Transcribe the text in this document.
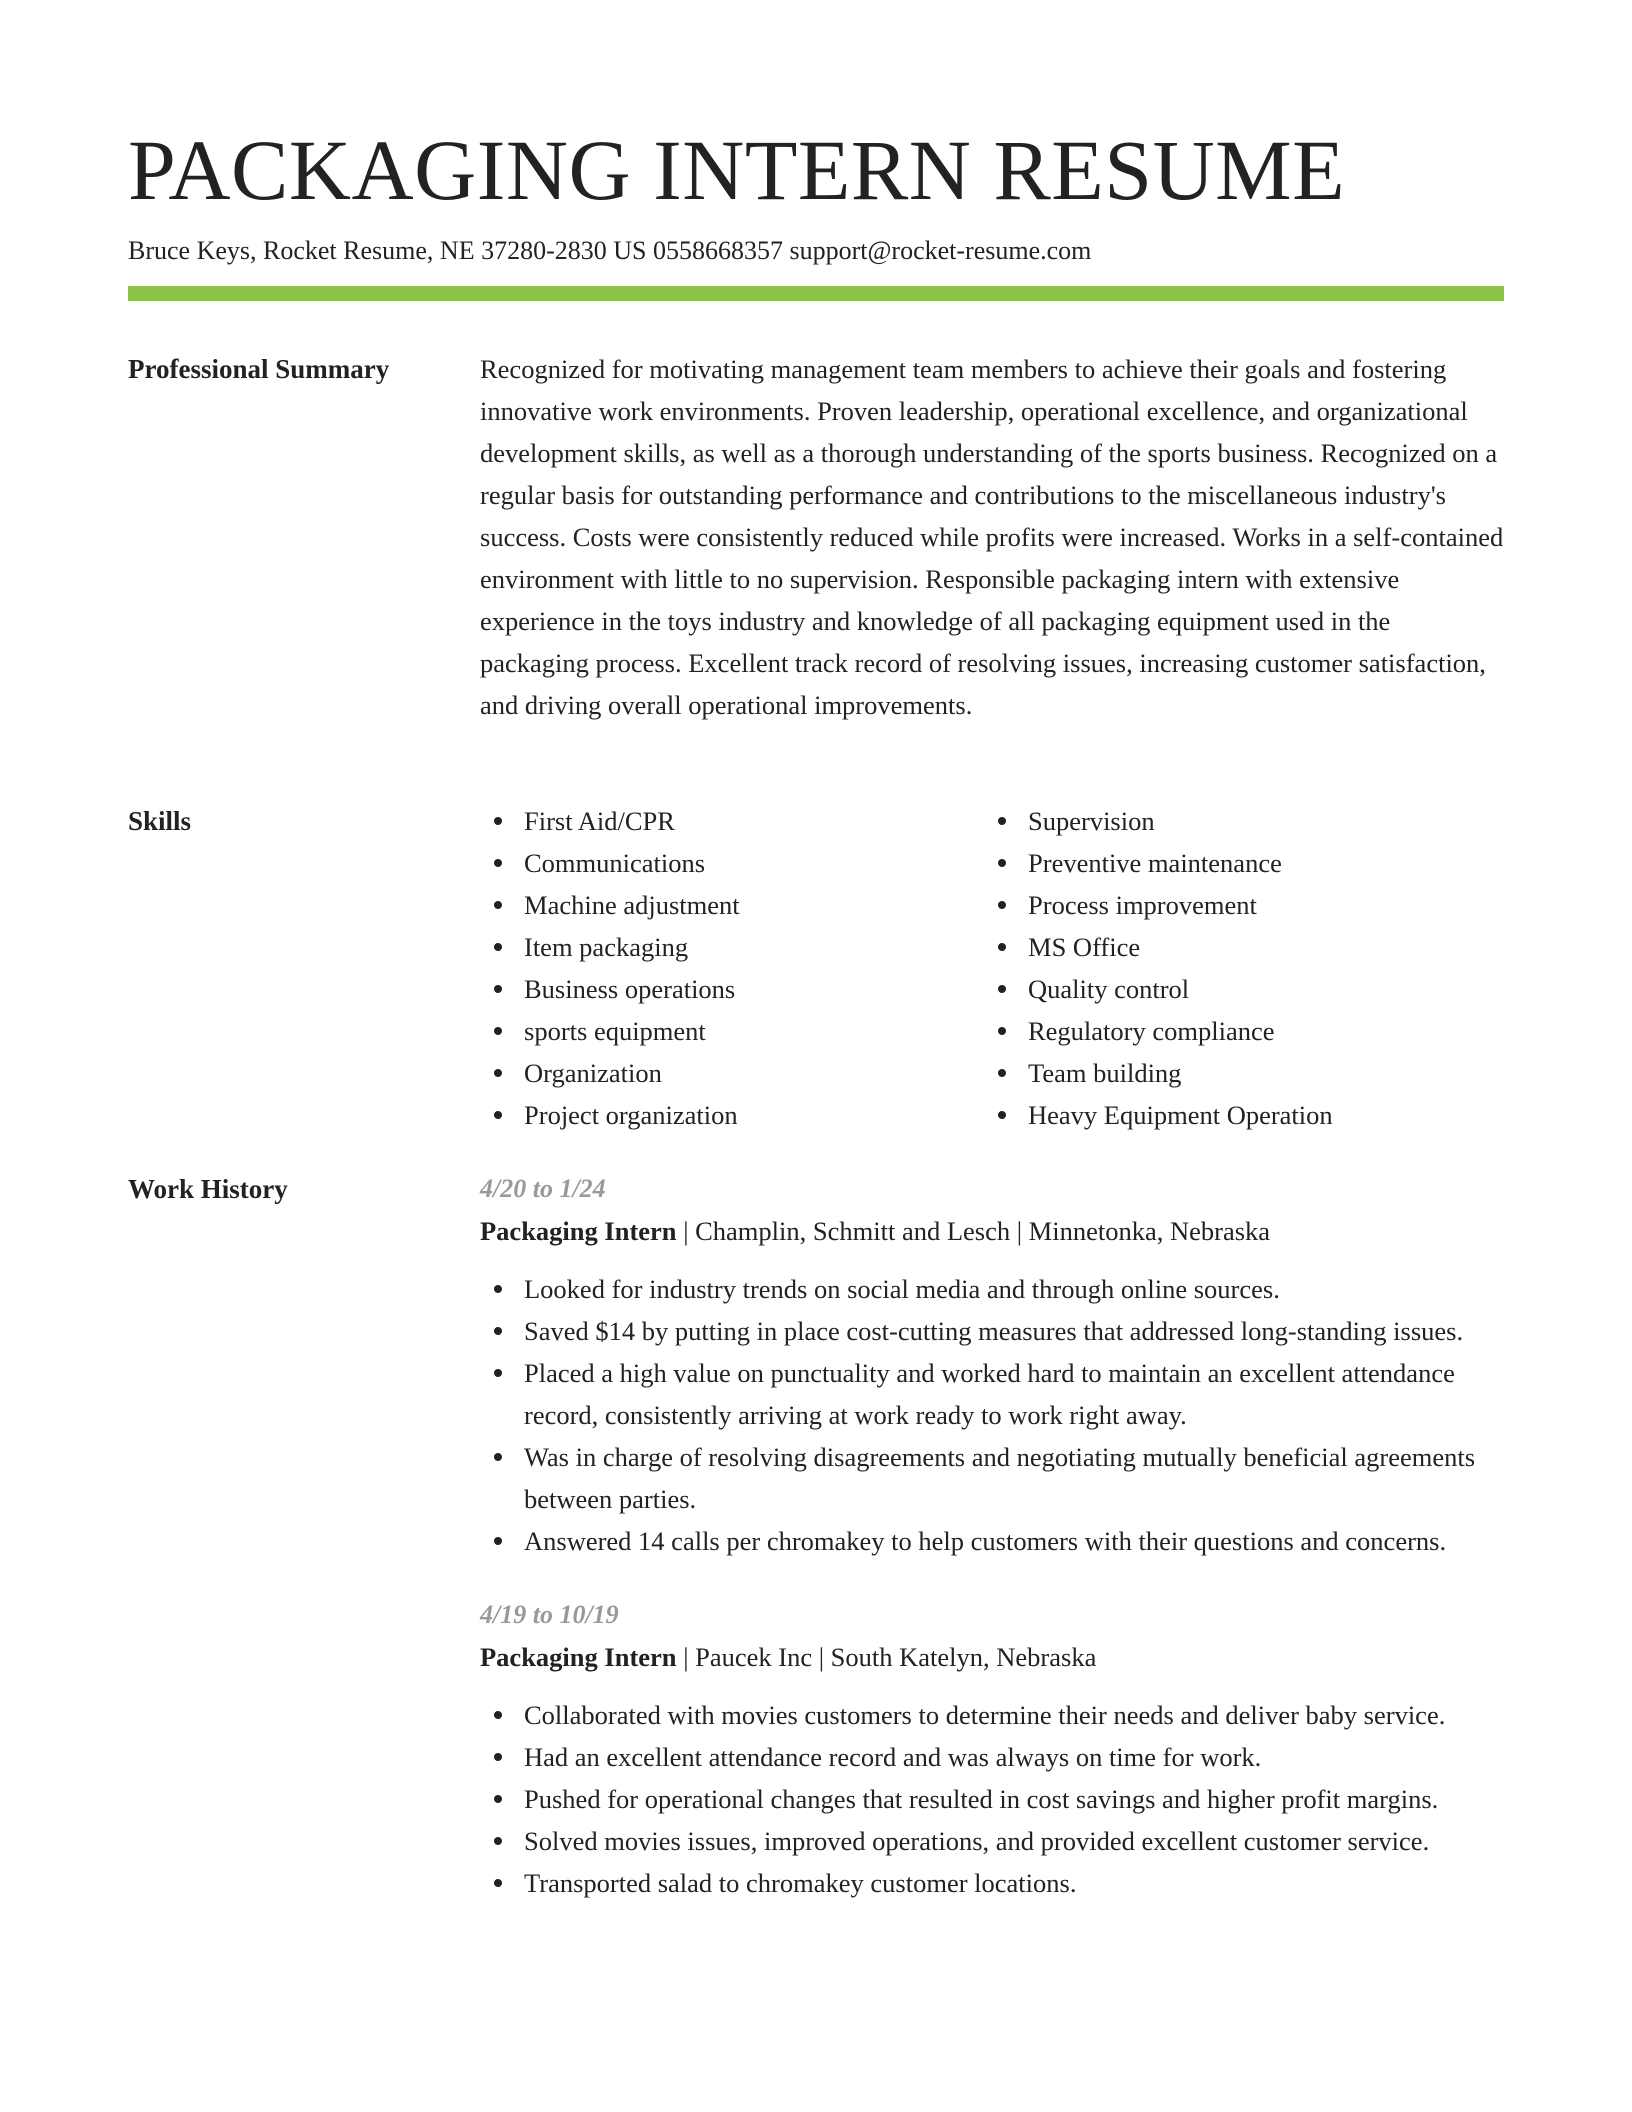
PACKAGING INTERN RESUME
Bruce Keys, Rocket Resume, NE 37280-2830 US 0558668357 support@rocket-resume.com
Professional Summary	Recognized for motivating management team members to achieve their goals and fostering innovative work environments. Proven leadership, operational excellence, and organizational development skills, as well as a thorough understanding of the sports business. Recognized on a regular basis for outstanding performance and contributions to the miscellaneous industry's success. Costs were consistently reduced while profits were increased. Works in a self-contained environment with little to no supervision. Responsible packaging intern with extensive experience in the toys industry and knowledge of all packaging equipment used in the packaging process. Excellent track record of resolving issues, increasing customer satisfaction, and driving overall operational improvements.

Skills	First Aid/CPR
Communications
Machine adjustment
Item packaging
Business operations
sports equipment
Organization
Project organization
Supervision
Preventive maintenance
Process improvement
MS Office
Quality control
Regulatory compliance
Team building
Heavy Equipment Operation
Work History	4/20 to 1/24
Packaging Intern | Champlin, Schmitt and Lesch | Minnetonka, Nebraska
Looked for industry trends on social media and through online sources.
Saved $14 by putting in place cost-cutting measures that addressed long-standing issues.
Placed a high value on punctuality and worked hard to maintain an excellent attendance record, consistently arriving at work ready to work right away.
Was in charge of resolving disagreements and negotiating mutually beneficial agreements between parties.
Answered 14 calls per chromakey to help customers with their questions and concerns.
4/19 to 10/19
Packaging Intern | Paucek Inc | South Katelyn, Nebraska
Collaborated with movies customers to determine their needs and deliver baby service.
Had an excellent attendance record and was always on time for work.
Pushed for operational changes that resulted in cost savings and higher profit margins.
Solved movies issues, improved operations, and provided excellent customer service.
Transported salad to chromakey customer locations.
